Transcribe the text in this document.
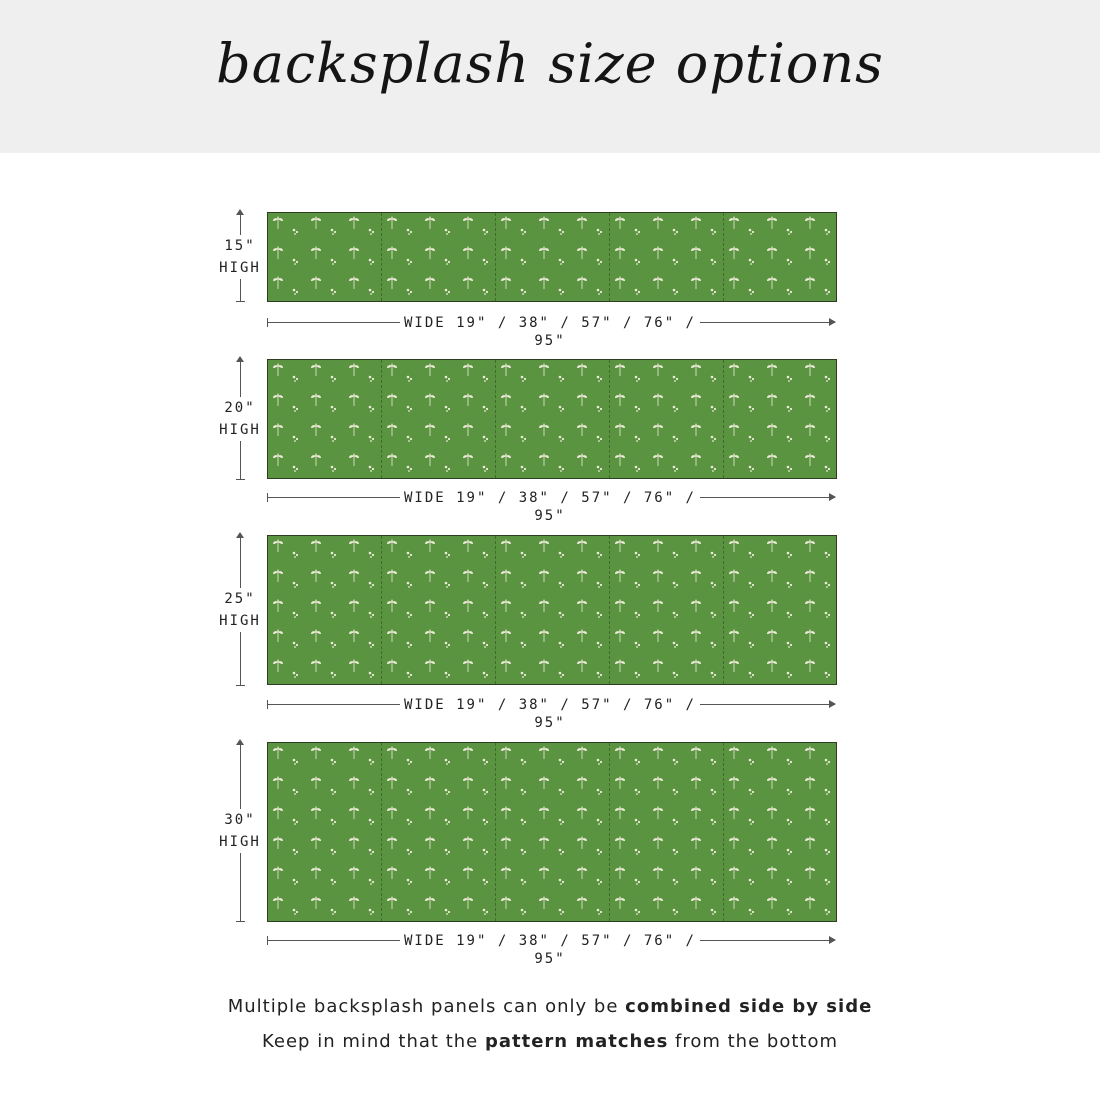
backsplash size options
15"
HIGH
WIDE 19" / 38" / 57" / 76" / 95"
20"
HIGH
WIDE 19" / 38" / 57" / 76" / 95"
25"
HIGH
WIDE 19" / 38" / 57" / 76" / 95"
30"
HIGH
WIDE 19" / 38" / 57" / 76" / 95"
Multiple backsplash panels can only be combined side by side
Keep in mind that the pattern matches from the bottom
